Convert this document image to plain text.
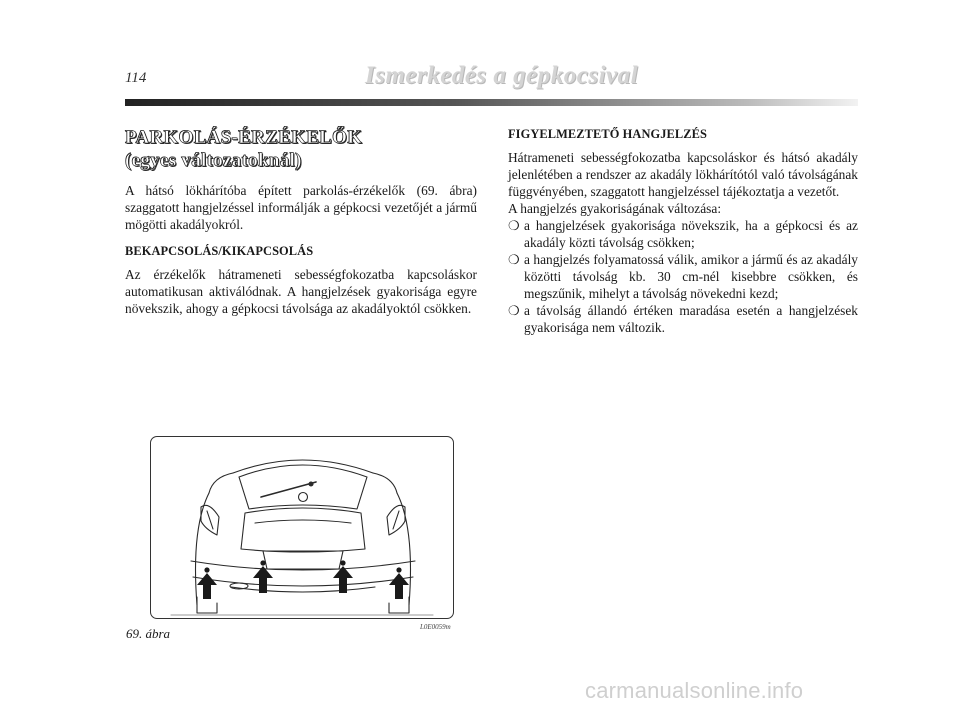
114	Ismerkedés a gépkocsival
PARKOLÁS-ÉRZÉKELŐK
(egyes változatoknál)

A hátsó lökhárítóba épített parkolás-érzékelők (69. ábra) szaggatott hangjelzéssel informálják a gépkocsi vezetőjét a jármű mögötti akadályokról.

BEKAPCSOLÁS/KIKAPCSOLÁS

Az érzékelők hátrameneti sebességfokozatba kapcsoláskor automatikusan aktiválódnak. A hangjelzések gyakorisága egyre növekszik, ahogy a gépkocsi távolsága az akadályoktól csökken.

FIGYELMEZTETŐ HANGJELZÉS

Hátrameneti sebességfokozatba kapcsoláskor és hátsó akadály jelenlétében a rendszer az akadály lökhárítótól való távolságának függvényében, szaggatott hangjelzéssel tájékoztatja a vezetőt.

A hangjelzés gyakoriságának változása:

❍ a hangjelzések gyakorisága növekszik, ha a gépkocsi és az akadály közti távolság csökken;
❍ a hangjelzés folyamatossá válik, amikor a jármű és az akadály közötti távolság kb. 30 cm-nél kisebbre csökken, és megszűnik, mihelyt a távolság növekedni kezd;
❍ a távolság állandó értéken maradása esetén a hangjelzések gyakorisága nem változik.
69. ábra	L0E0059m
carmanualsonline.info
